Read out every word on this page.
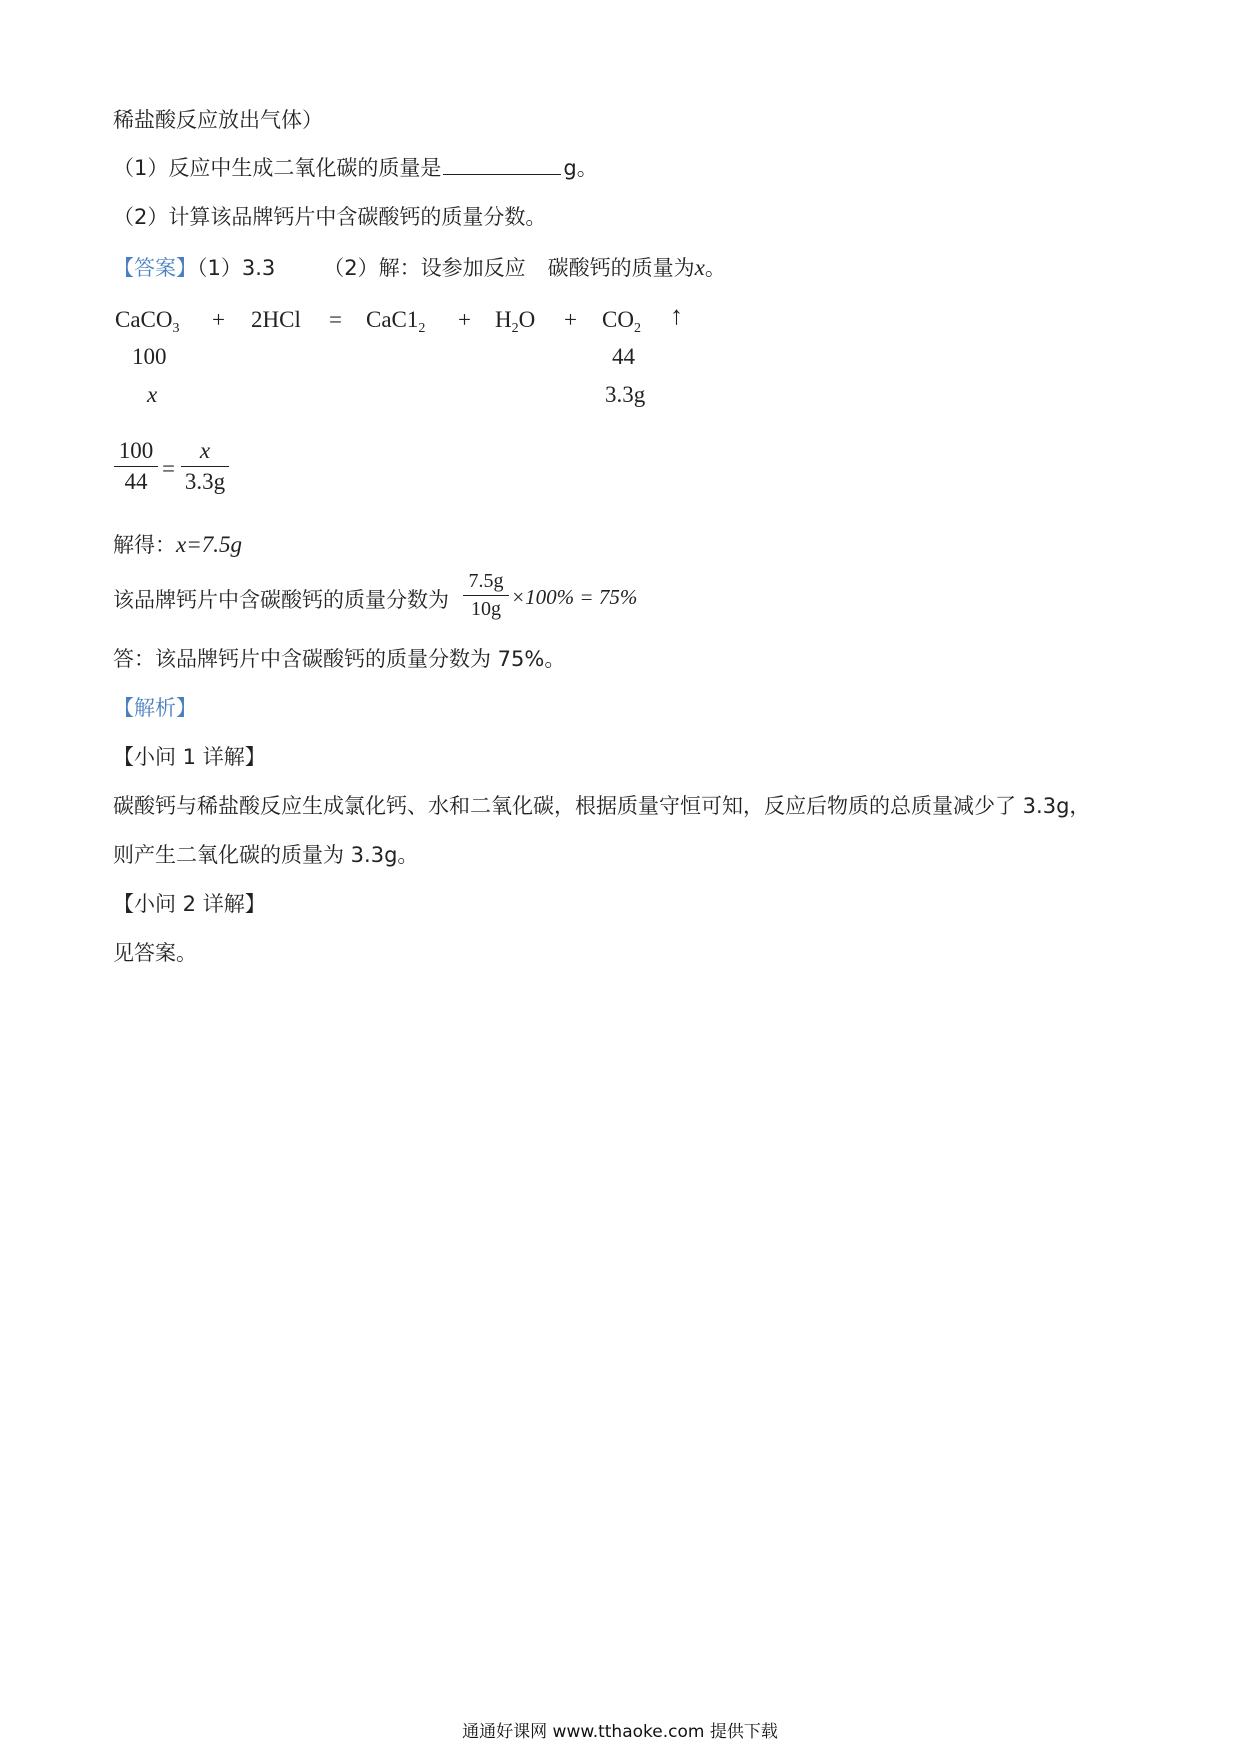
稀盐酸反应放出气体）
（1）反应中生成二氧化碳的质量是	g。
（2）计算该品牌钙片中含碳酸钙的质量分数。
【答案】（1）3.3 （2）解：设参加反应 碳酸钙的质量为x。
CaCO$_3$ + $2HCl = CaC1_2 + H_2O + CO_2$ ↑
100	44
x	3.3g
100
44
=
x
3.3g
解得：x=7.5g
该品牌钙片中含碳酸钙的质量分数为
7.5g
10g ×100% = 75%
答：该品牌钙片中含碳酸钙的质量分数为 75%。
【解析】
【小问 1 详解】
碳酸钙与稀盐酸反应生成氯化钙、水和二氧化碳，根据质量守恒可知，反应后物质的总质量减少了 3.3g，
则产生二氧化碳的质量为 3.3g。
【小问 2 详解】
见答案。
通通好课网 www.tthaoke.com 提供下载
